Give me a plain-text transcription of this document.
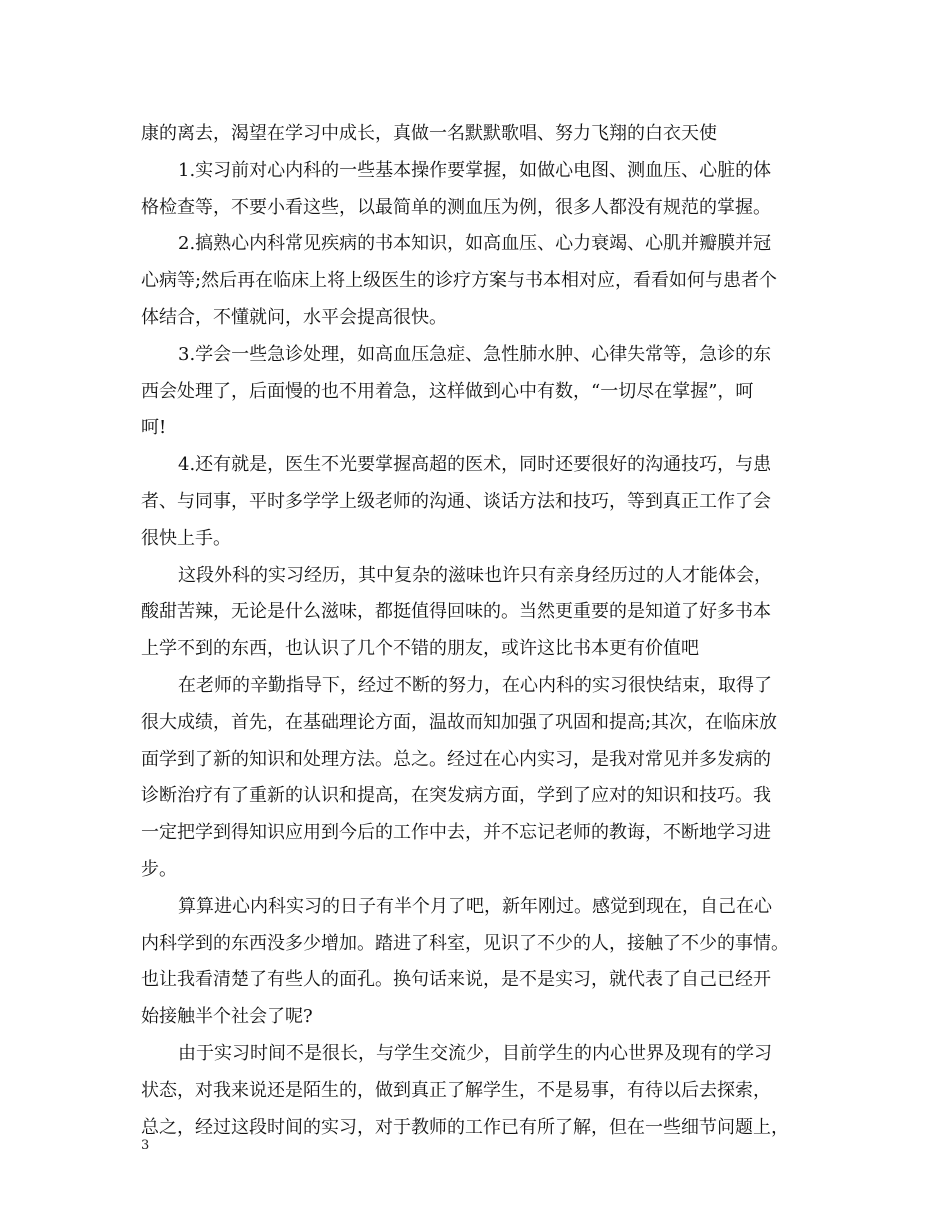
康的离去，渴望在学习中成长，真做一名默默歌唱、努力飞翔的白衣天使

1.实习前对心内科的一些基本操作要掌握，如做心电图、测血压、心脏的体
格检查等，不要小看这些，以最简单的测血压为例，很多人都没有规范的掌握。

2.搞熟心内科常见疾病的书本知识，如高血压、心力衰竭、心肌并瓣膜并冠
心病等;然后再在临床上将上级医生的诊疗方案与书本相对应，看看如何与患者个
体结合，不懂就问，水平会提高很快。

3.学会一些急诊处理，如高血压急症、急性肺水肿、心律失常等，急诊的东
西会处理了，后面慢的也不用着急，这样做到心中有数，“一切尽在掌握”，呵
呵!

4.还有就是，医生不光要掌握高超的医术，同时还要很好的沟通技巧，与患
者、与同事，平时多学学上级老师的沟通、谈话方法和技巧，等到真正工作了会
很快上手。

这段外科的实习经历，其中复杂的滋味也许只有亲身经历过的人才能体会，
酸甜苦辣，无论是什么滋味，都挺值得回味的。当然更重要的是知道了好多书本
上学不到的东西，也认识了几个不错的朋友，或许这比书本更有价值吧

在老师的辛勤指导下，经过不断的努力，在心内科的实习很快结束，取得了
很大成绩，首先，在基础理论方面，温故而知加强了巩固和提高;其次，在临床放
面学到了新的知识和处理方法。总之。经过在心内实习，是我对常见并多发病的
诊断治疗有了重新的认识和提高，在突发病方面，学到了应对的知识和技巧。我
一定把学到得知识应用到今后的工作中去，并不忘记老师的教诲，不断地学习进
步。

算算进心内科实习的日子有半个月了吧，新年刚过。感觉到现在，自己在心
内科学到的东西没多少增加。踏进了科室，见识了不少的人，接触了不少的事情。
也让我看清楚了有些人的面孔。换句话来说，是不是实习，就代表了自己已经开
始接触半个社会了呢?

由于实习时间不是很长，与学生交流少，目前学生的内心世界及现有的学习
状态，对我来说还是陌生的，做到真正了解学生，不是易事，有待以后去探索，
总之，经过这段时间的实习，对于教师的工作已有所了解，但在一些细节问题上，

3
